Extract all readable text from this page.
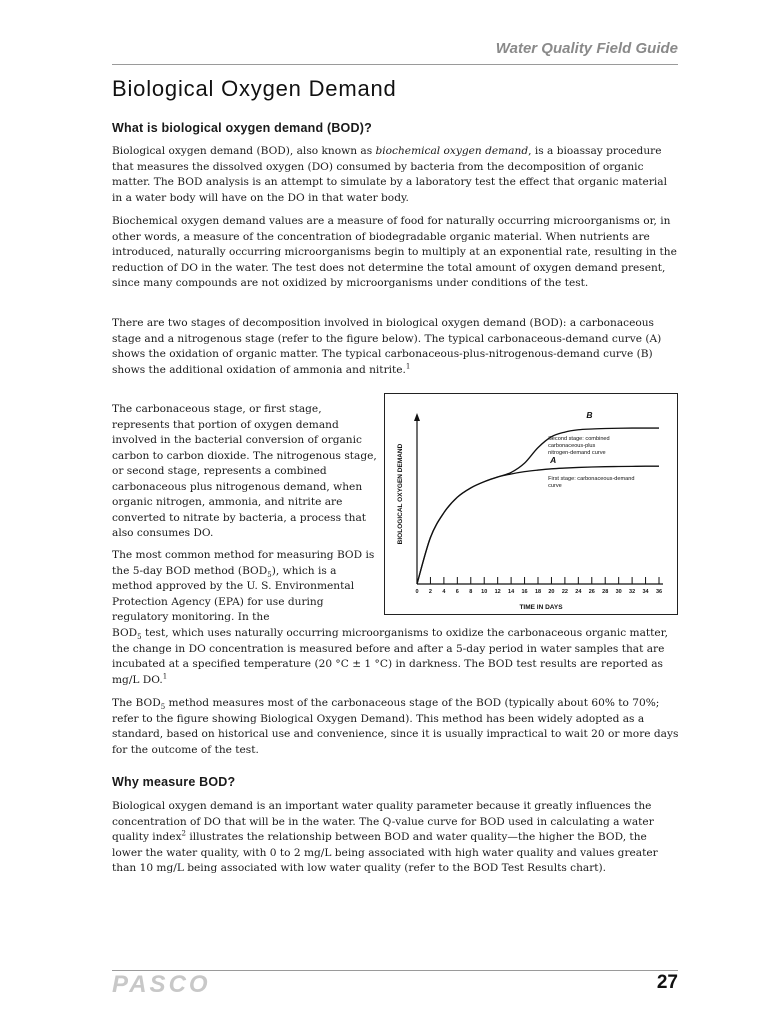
Water Quality Field Guide
Biological Oxygen Demand
What is biological oxygen demand (BOD)?

Biological oxygen demand (BOD), also known as biochemical oxygen demand, is a bioassay procedure that measures the dissolved oxygen (DO) consumed by bacteria from the decomposition of organic matter. The BOD analysis is an attempt to simulate by a laboratory test the effect that organic material in a water body will have on the DO in that water body.

Biochemical oxygen demand values are a measure of food for naturally occurring microorganisms or, in other words, a measure of the concentration of biodegradable organic material. When nutrients are introduced, naturally occurring microorganisms begin to multiply at an exponential rate, resulting in the reduction of DO in the water. The test does not determine the total amount of oxygen demand present, since many compounds are not oxidized by microorganisms under conditions of the test.

There are two stages of decomposition involved in biological oxygen demand (BOD): a carbonaceous stage and a nitrogenous stage (refer to the figure below). The typical carbonaceous-demand curve (A) shows the oxidation of organic matter. The typical carbonaceous-plus-nitrogenous-demand curve (B) shows the additional oxidation of ammonia and nitrite.$^1$

The carbonaceous stage, or first stage, represents that portion of oxygen demand involved in the bacterial conversion of organic carbon to carbon dioxide. The nitrogenous stage, or second stage, represents a combined carbonaceous plus nitrogenous demand, when organic nitrogen, ammonia, and nitrite are converted to nitrate by bacteria, a process that also consumes DO.

The most common method for measuring BOD is the 5-day BOD method $(BOD_5)$, which is a method approved by the U. S. Environmental Protection Agency (EPA) for use during regulatory monitoring. In the

$BOD_5$ test, which uses naturally occurring microorganisms to oxidize the carbonaceous organic matter, the change in DO concentration is measured before and after a 5-day period in water samples that are incubated at a specified temperature (20 °C ± 1 °C) in darkness. The BOD test results are reported as mg/L DO.$^1$

The $BOD_5$ method measures most of the carbonaceous stage of the BOD (typically about 60% to 70%; refer to the figure showing Biological Oxygen Demand). This method has been widely adopted as a standard, based on historical use and convenience, since it is usually impractical to wait 20 or more days for the outcome of the test.

Why measure BOD?

Biological oxygen demand is an important water quality parameter because it greatly influences the concentration of DO that will be in the water. The Q-value curve for BOD used in calculating a water quality index$^2$ illustrates the relationship between BOD and water quality—the higher the BOD, the lower the water quality, with 0 to 2 mg/L being associated with high water quality and values greater than 10 mg/L being associated with low water quality (refer to the BOD Test Results chart).

BIOLOGICAL OXYGEN DEMAND
TIME IN DAYS
0 2 4 6 8 10 12 14 16 18 20 22 24 26 28 30 32 34 36
B
Second stage: combined carbonaceous-plus nitrogen-demand curve
A
First stage: carbonaceous-demand curve
PASCO	27
